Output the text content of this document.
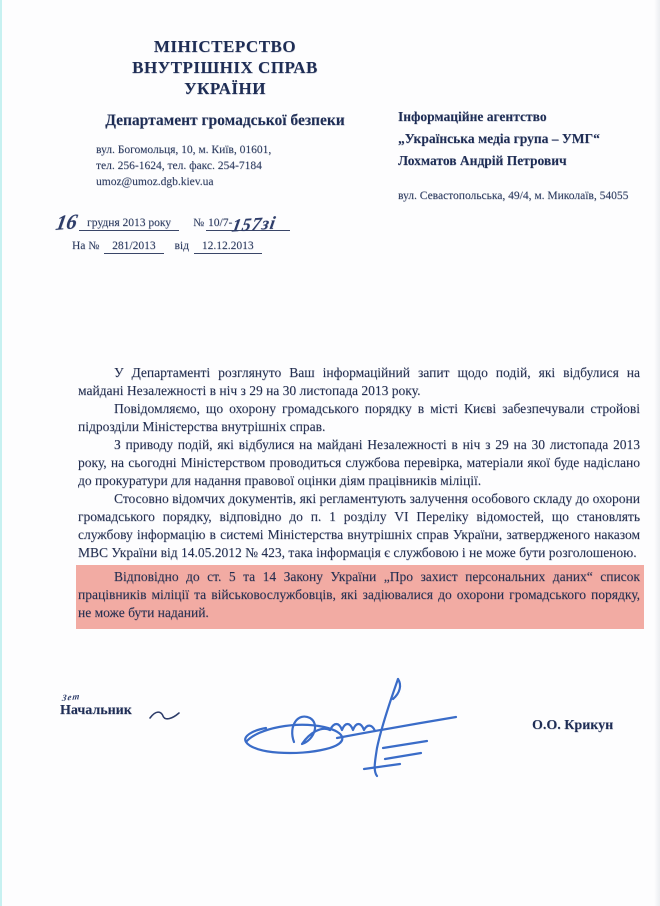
МІНІСТЕРСТВО ВНУТРІШНІХ СПРАВ УКРАЇНИ
Департамент громадської безпеки
вул. Богомольця, 10, м. Київ, 01601,
тел. 256-1624, тел. факс. 254-7184
umoz@umoz.dgb.kiev.ua
16 грудня 2013 року № 10/7-157зі
На № 281/2013 від 12.12.2013
Інформаційне агентство
„Українська медіа група – УМГ“
Лохматов Андрій Петрович
вул. Севастопольська, 49/4, м. Миколаїв, 54055

У Департаменті розглянуто Ваш інформаційний запит щодо подій, які відбулися на майдані Незалежності в ніч з 29 на 30 листопада 2013 року.

Повідомляємо, що охорону громадського порядку в місті Києві забезпечували стройові підрозділи Міністерства внутрішніх справ.

З приводу подій, які відбулися на майдані Незалежності в ніч з 29 на 30 листопада 2013 року, на сьогодні Міністерством проводиться службова перевірка, матеріали якої буде надіслано до прокуратури для надання правової оцінки діям працівників міліції.

Стосовно відомчих документів, які регламентують залучення особового складу до охорони громадського порядку, відповідно до п. 1 розділу VI Переліку відомостей, що становлять службову інформацію в системі Міністерства внутрішніх справ України, затвердженого наказом МВС України від 14.05.2012 № 423, така інформація є службовою і не може бути розголошеною.

Відповідно до ст. 5 та 14 Закону України „Про захист персональних даних“ список працівників міліції та військовослужбовців, які задіювалися до охорони громадського порядку, не може бути наданий.

Зет
Начальник
О.О. Крикун
